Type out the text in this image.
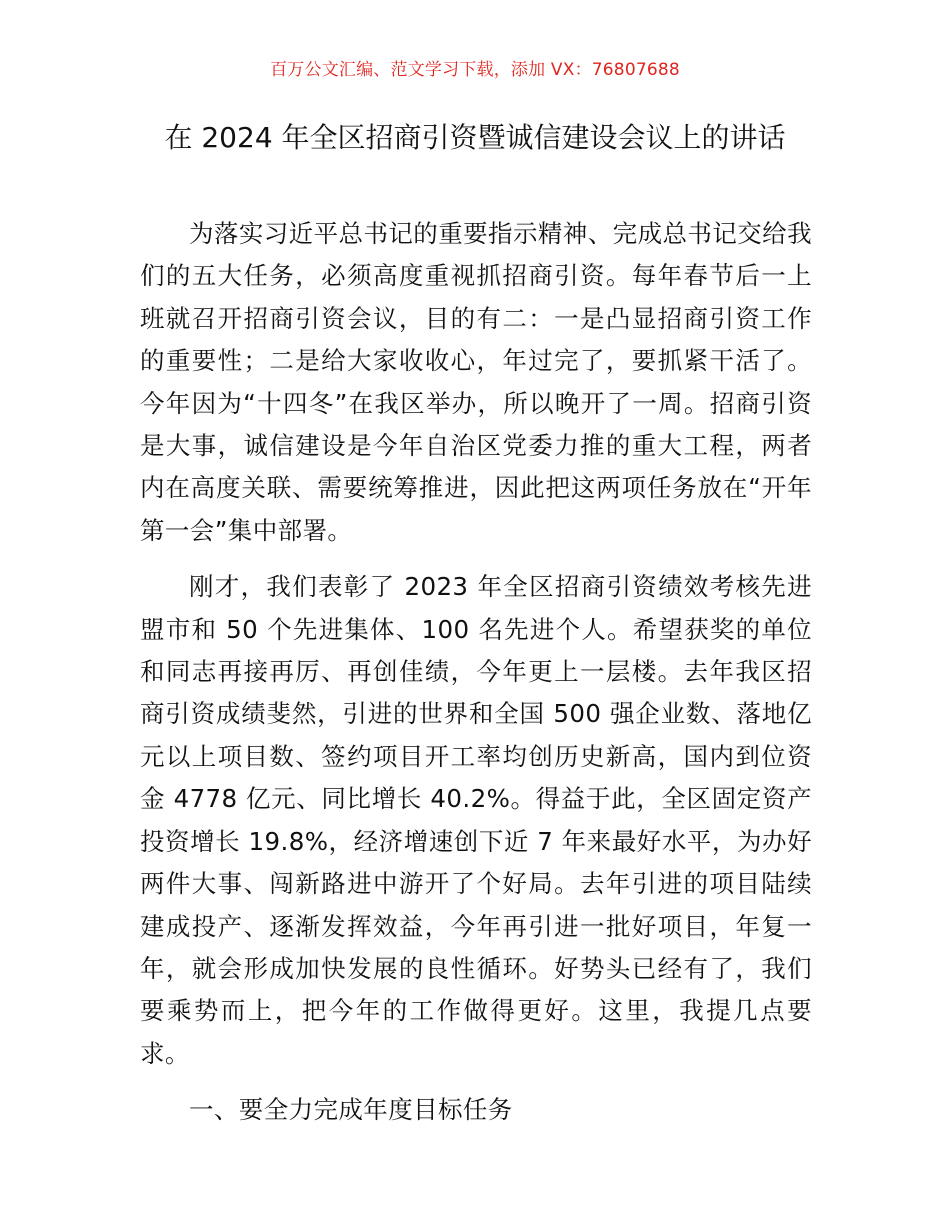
百万公文汇编、范文学习下载，添加 VX：76807688
在 2024 年全区招商引资暨诚信建设会议上的讲话

为落实习近平总书记的重要指示精神、完成总书记交给我们的五大任务，必须高度重视抓招商引资。每年春节后一上班就召开招商引资会议，目的有二：一是凸显招商引资工作的重要性；二是给大家收收心，年过完了，要抓紧干活了。今年因为“十四冬”在我区举办，所以晚开了一周。招商引资是大事，诚信建设是今年自治区党委力推的重大工程，两者内在高度关联、需要统筹推进，因此把这两项任务放在“开年第一会”集中部署。

刚才，我们表彰了 2023 年全区招商引资绩效考核先进盟市和 50 个先进集体、100 名先进个人。希望获奖的单位和同志再接再厉、再创佳绩，今年更上一层楼。去年我区招商引资成绩斐然，引进的世界和全国 500 强企业数、落地亿元以上项目数、签约项目开工率均创历史新高，国内到位资金 4778 亿元、同比增长 40.2%。得益于此，全区固定资产投资增长 19.8%，经济增速创下近 7 年来最好水平，为办好两件大事、闯新路进中游开了个好局。去年引进的项目陆续建成投产、逐渐发挥效益，今年再引进一批好项目，年复一年，就会形成加快发展的良性循环。好势头已经有了，我们要乘势而上，把今年的工作做得更好。这里，我提几点要求。

一、要全力完成年度目标任务
